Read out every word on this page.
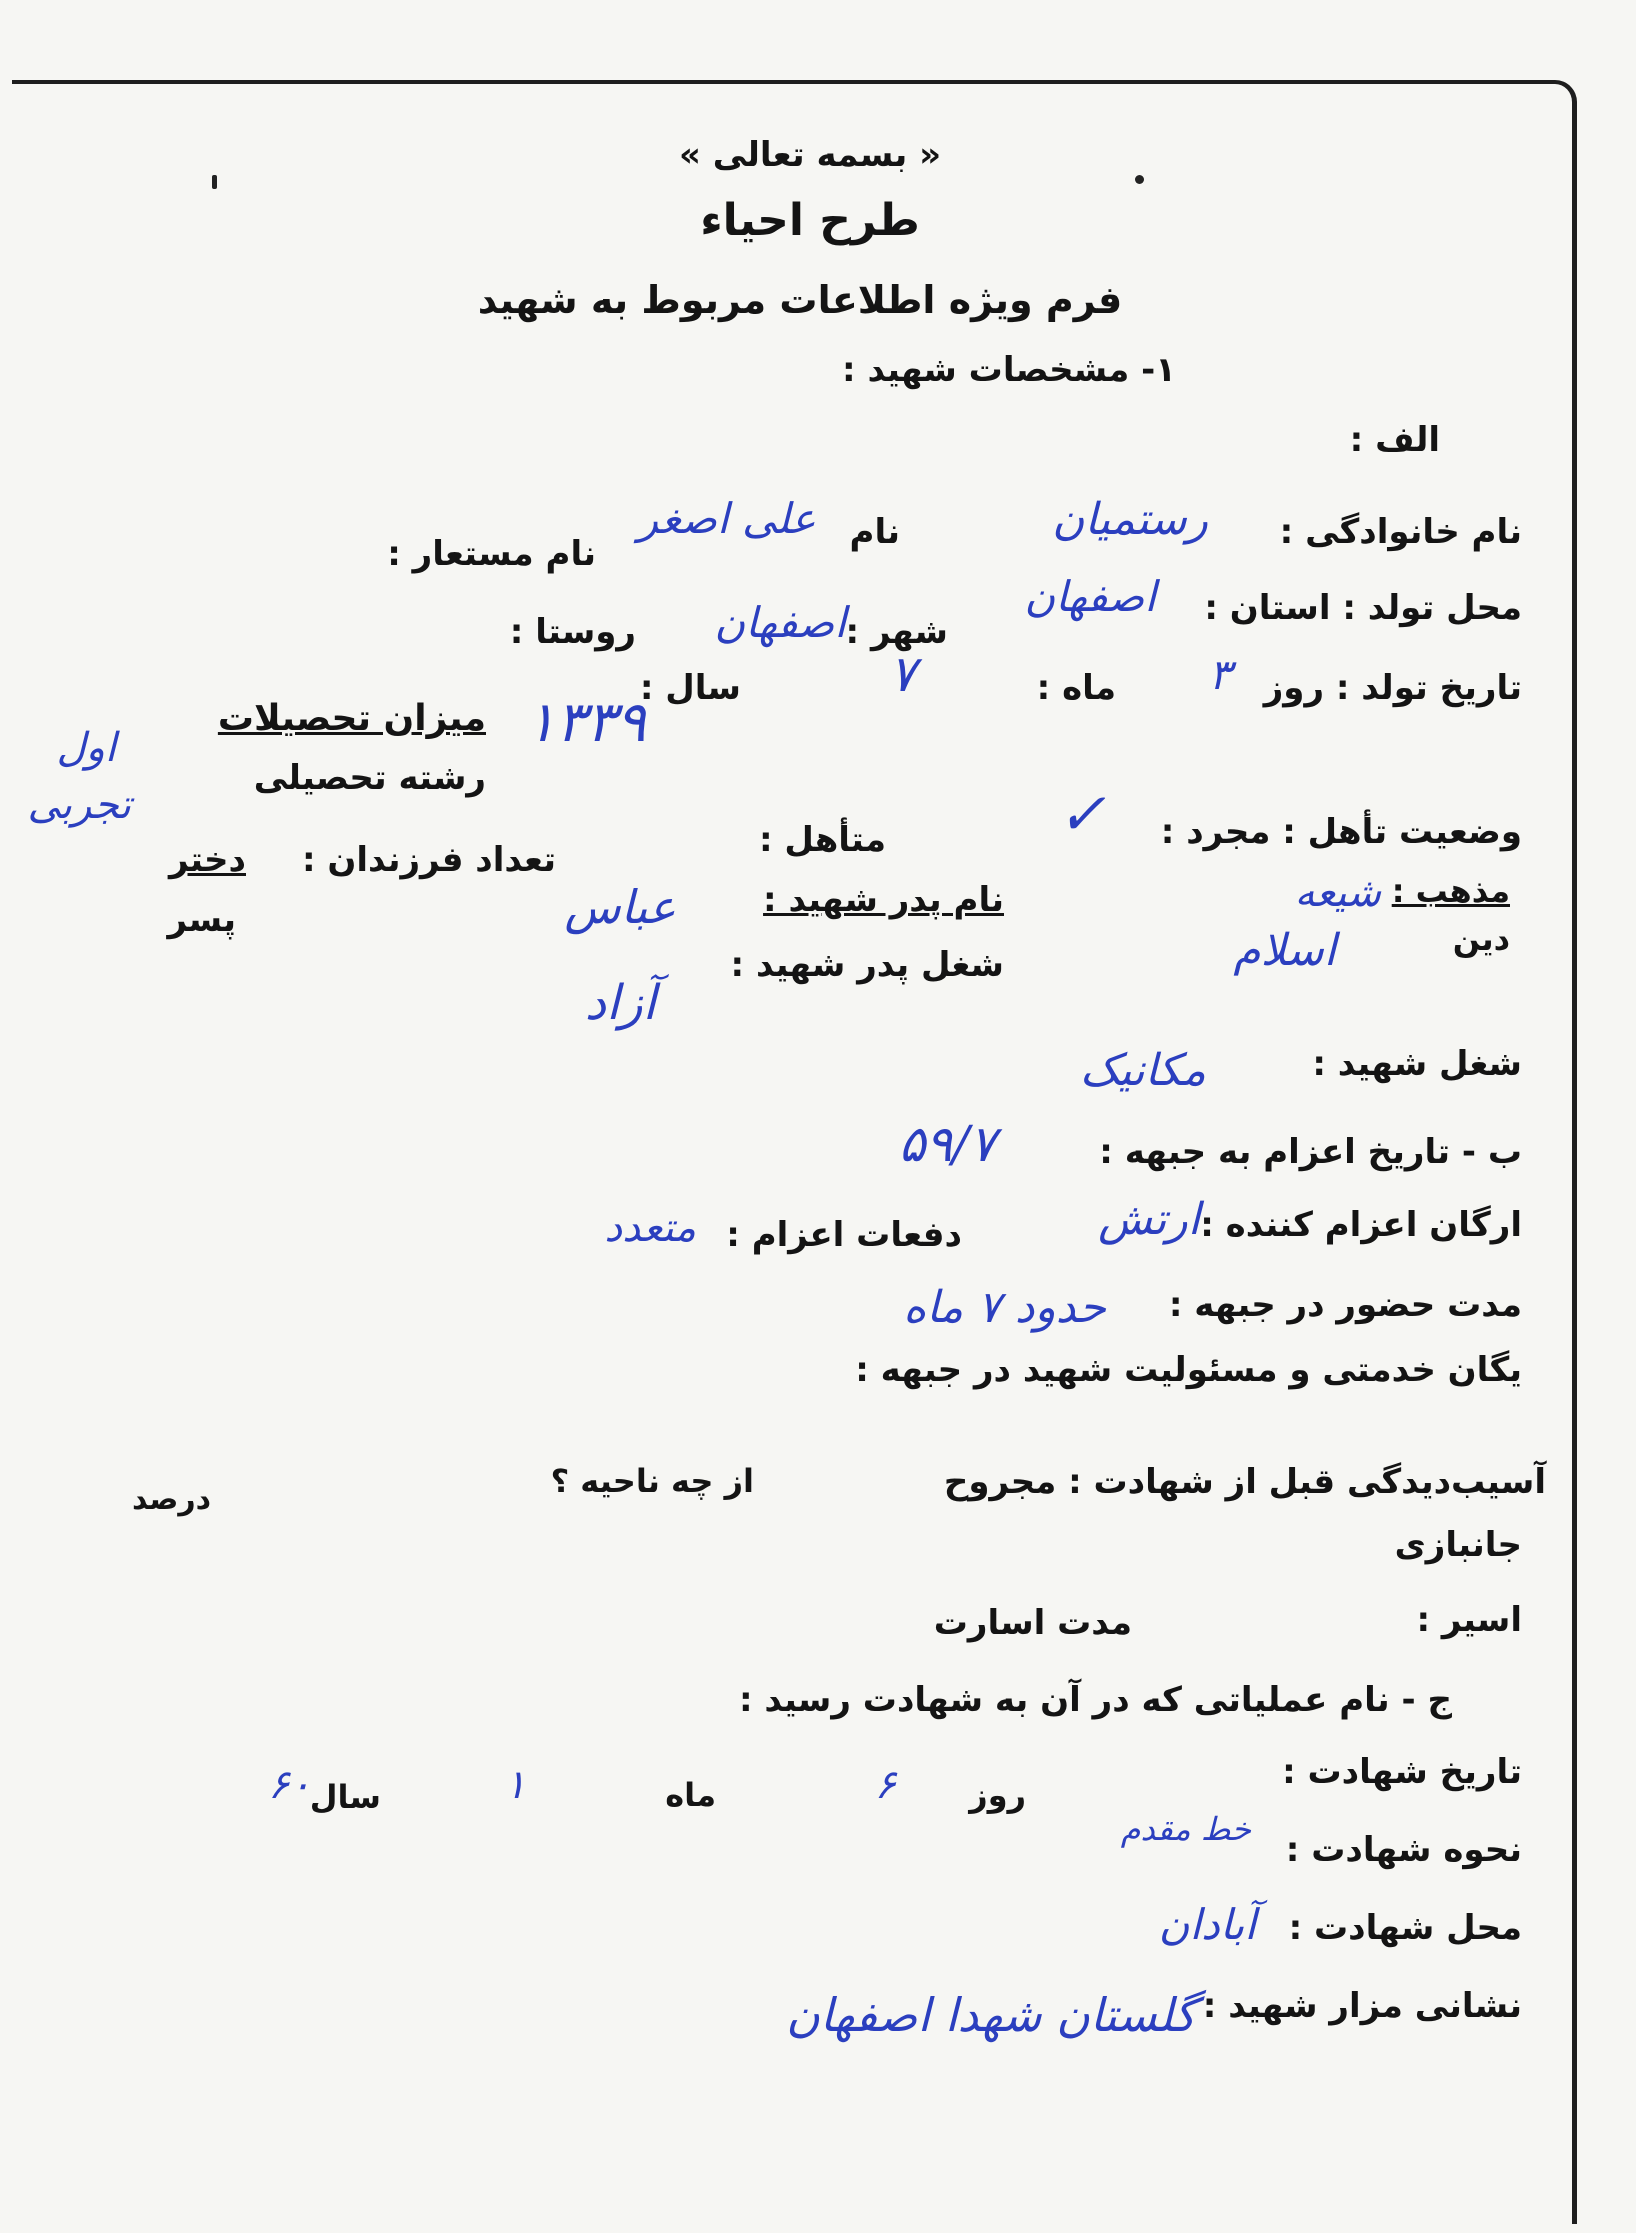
« بسمه تعالی »
طرح احیاء
فرم ویژه اطلاعات مربوط به شهید
۱- مشخصات شهید :
الف :
نام خانوادگی :
رستمیان
نام
علی اصغر
نام مستعار :
محل تولد : استان :
اصفهان
شهر :
اصفهان
روستا :
تاریخ تولد : روز
۳
ماه :
۷
سال :
۱۳۳۹
میزان تحصیلات
رشته تحصیلی
اول
تجربی
وضعیت تأهل : مجرد :
✓
متأهل :
تعداد فرزندان :
دختر
پسر
مذهب :
دین
شیعه
اسلام
نام پدر شهید :
عباس
شغل پدر شهید :
آزاد
شغل شهید :
مکانیک
ب - تاریخ اعزام به جبهه :
۵۹/۷
ارگان اعزام کننده :
ارتش
دفعات اعزام :
متعدد
مدت حضور در جبهه :
حدود ۷ ماه
یگان خدمتی و مسئولیت شهید در جبهه :
آسیب‌دیدگی قبل از شهادت : مجروح
از چه ناحیه ؟
درصد
جانبازی
اسیر :
مدت اسارت
ج - نام عملیاتی که در آن به شهادت رسید :
تاریخ شهادت :
روز
۶
ماه
۱
سال
۶۰
نحوه شهادت :
خط مقدم
محل شهادت :
آبادان
نشانی مزار شهید :
گلستان شهدا اصفهان
